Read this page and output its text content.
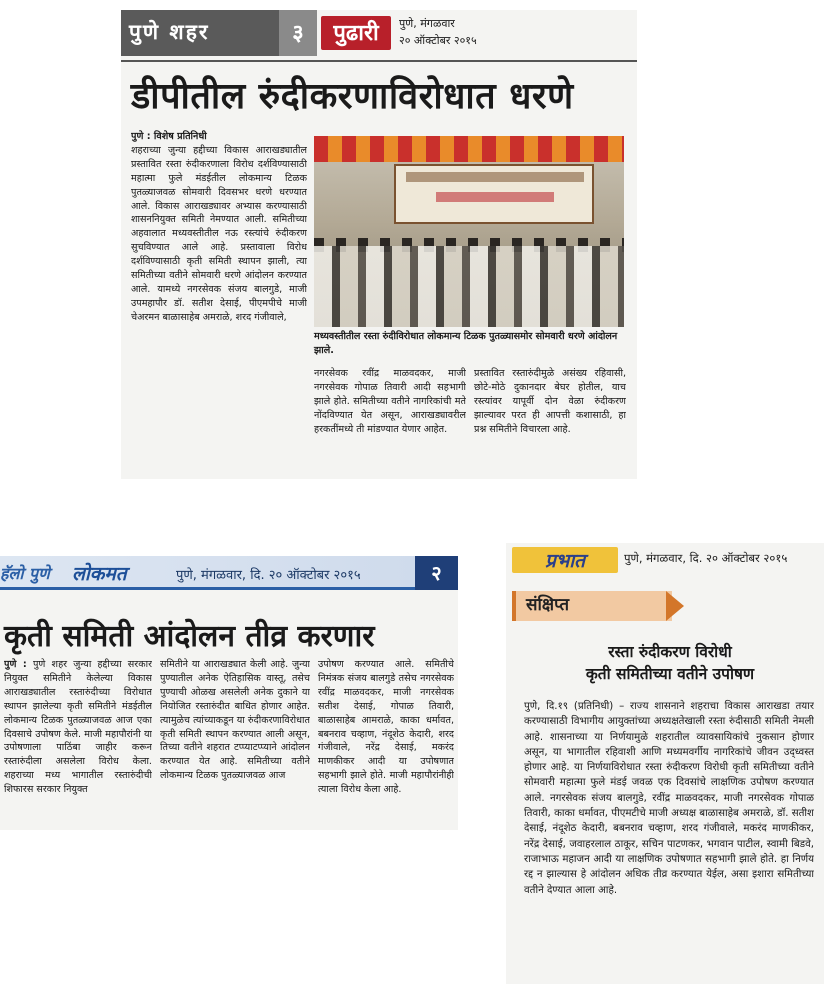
पुणे शहर	३	पुढारी	पुणे, मंगळवार
२० ऑक्टोबर २०१५
डीपीतील रुंदीकरणाविरोधात धरणे
पुणे : विशेष प्रतिनिधी
शहराच्या जुन्या हद्दीच्या विकास आराखड्यातील प्रस्तावित रस्ता रुंदीकरणाला विरोध दर्शविण्यासाठी महात्मा फुले मंडईतील लोकमान्य टिळक पुतळ्याजवळ सोमवारी दिवसभर धरणे धरण्यात आले. विकास आराखड्यावर अभ्यास करण्यासाठी शासननियुक्त समिती नेमण्यात आली. समितीच्या अहवालात मध्यवस्तीतील नऊ रस्त्यांचे रुंदीकरण सुचविण्यात आले आहे. प्रस्तावाला विरोध दर्शविण्यासाठी कृती समिती स्थापन झाली, त्या समितीच्या वतीने सोमवारी धरणे आंदोलन करण्यात आले. यामध्ये नगरसेवक संजय बालगुडे, माजी उपमहापौर डॉ. सतीश देसाई, पीएमपीचे माजी चेअरमन बाळासाहेब अमराळे, शरद गंजीवाले,
मध्यवस्तीतील रस्ता रुंदीविरोधात लोकमान्य टिळक पुतळ्यासमोर सोमवारी धरणे आंदोलन झाले.
नगरसेवक रवींद्र माळवदकर, माजी नगरसेवक गोपाळ तिवारी आदी सहभागी झाले होते. समितीच्या वतीने नागरिकांची मते नोंदविण्यात येत असून, आराखड्यावरील हरकतींमध्ये ती मांडण्यात येणार आहेत.
प्रस्तावित रस्तारुंदीमुळे असंख्य रहिवासी, छोटे-मोठे दुकानदार बेघर होतील, याच रस्त्यांवर यापूर्वी दोन वेळा रुंदीकरण झाल्यावर परत ही आपत्ती कशासाठी, हा प्रश्न समितीने विचारला आहे.
हॅलो पुणे लोकमत	पुणे, मंगळवार, दि. २० ऑक्टोबर २०१५	२
कृती समिती आंदोलन तीव्र करणार
पुणे : पुणे शहर जुन्या हद्दीच्या सरकार नियुक्त समितीने केलेल्या विकास आराखड्यातील रस्तारुंदीच्या विरोधात स्थापन झालेल्या कृती समितीने मंडईतील लोकमान्य टिळक पुतळ्याजवळ आज एका दिवसाचे उपोषण केले. माजी महापौरांनी या उपोषणाला पाठिंबा जाहीर करून रस्तारुंदीला असलेला विरोध केला. शहराच्या मध्य भागातील रस्तारुंदीची शिफारस सरकार नियुक्त
समितीने या आराखड्यात केली आहे. जुन्या पुण्यातील अनेक ऐतिहासिक वास्तू, तसेच पुण्याची ओळख असलेली अनेक दुकाने या नियोजित रस्तारुंदीत बाधित होणार आहेत. त्यामुळेच त्यांच्याकडून या रुंदीकरणाविरोधात कृती समिती स्थापन करण्यात आली असून, तिच्या वतीने शहरात टप्प्याटप्प्याने आंदोलन करण्यात येत आहे. समितीच्या वतीने लोकमान्य टिळक पुतळ्याजवळ आज
उपोषण करण्यात आले. समितीचे निमंत्रक संजय बालगुडे तसेच नगरसेवक रवींद्र माळवदकर, माजी नगरसेवक सतीश देसाई, गोपाळ तिवारी, बाळासाहेब आमराळे, काका धर्मावत, बबनराव चव्हाण, नंदूशेठ केदारी, शरद गंजीवाले, नरेंद्र देसाई, मकरंद माणकीकर आदी या उपोषणात सहभागी झाले होते. माजी महापौरांनीही त्याला विरोध केला आहे.
प्रभात	पुणे, मंगळवार, दि. २० ऑक्टोबर २०१५
संक्षिप्त
रस्ता रुंदीकरण विरोधी
कृती समितीच्या वतीने उपोषण
पुणे, दि.१९ (प्रतिनिधी) – राज्य शासनाने शहराचा विकास आराखडा तयार करण्यासाठी विभागीय आयुक्तांच्या अध्यक्षतेखाली रस्ता रुंदीसाठी समिती नेमली आहे. शासनाच्या या निर्णयामुळे शहरातील व्यावसायिकांचे नुकसान होणार असून, या भागातील रहिवाशी आणि मध्यमवर्गीय नागरिकांचे जीवन उद्ध्वस्त होणार आहे. या निर्णयाविरोधात रस्ता रुंदीकरण विरोधी कृती समितीच्या वतीने सोमवारी महात्मा फुले मंडई जवळ एक दिवसांचे लाक्षणिक उपोषण करण्यात आले. नगरसेवक संजय बालगुडे, रवींद्र माळवदकर, माजी नगरसेवक गोपाळ तिवारी, काका धर्मावत, पीएमटीचे माजी अध्यक्ष बाळासाहेब अमराळे, डॉ. सतीश देसाई, नंदूशेठ केदारी, बबनराव चव्हाण, शरद गंजीवाले, मकरंद माणकीकर, नरेंद्र देसाई, जवाहरलाल ठाकूर, सचिन पाटणकर, भगवान पाटील, स्वामी बिडवे, राजाभाऊ महाजन आदी या लाक्षणिक उपोषणात सहभागी झाले होते. हा निर्णय रद्द न झाल्यास हे आंदोलन अधिक तीव्र करण्यात येईल, असा इशारा समितीच्या वतीने देण्यात आला आहे.
